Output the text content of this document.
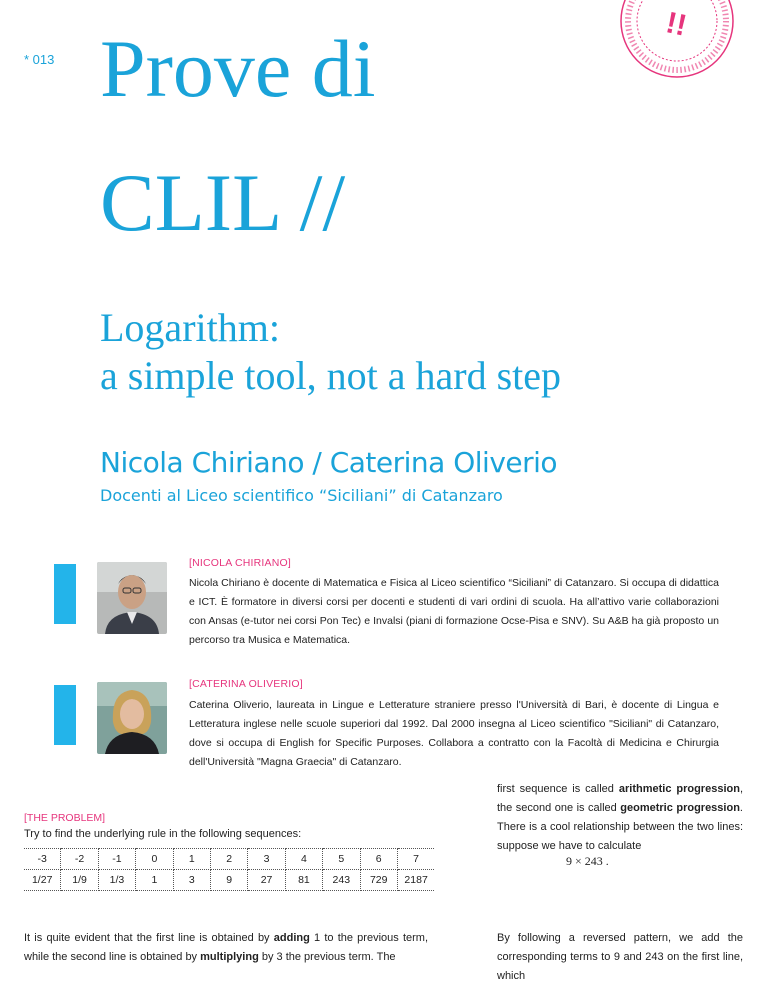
!!
* 013 Prove di
CLIL //
Logarithm:
a simple tool, not a hard step
Nicola Chiriano / Caterina Oliverio
Docenti al Liceo scientifico “Siciliani” di Catanzaro
[NICOLA CHIRIANO]
Nicola Chiriano è docente di Matematica e Fisica al Liceo scientifico “Siciliani” di Catanzaro. Si occupa di didattica e ICT. È formatore in diversi corsi per docenti e studenti di vari ordini di scuola. Ha all’attivo varie collaborazioni con Ansas (e-tutor nei corsi Pon Tec) e Invalsi (piani di formazione Ocse-Pisa e SNV). Su A&B ha già proposto un percorso tra Musica e Matematica.
[CATERINA OLIVERIO]
Caterina Oliverio, laureata in Lingue e Letterature straniere presso l'Università di Bari, è docente di Lingua e Letteratura inglese nelle scuole superiori dal 1992. Dal 2000 insegna al Liceo scientifico "Siciliani" di Catanzaro, dove si occupa di English for Specific Purposes. Collabora a contratto con la Facoltà di Medicina e Chirurgia dell'Università "Magna Graecia" di Catanzaro.
[THE PROBLEM]
Try to find the underlying rule in the following sequences:
-3	-2	-1	0	1	2	3	4	5	6	7
1/27	1/9	1/3	1	3	9	27	81	243	729	2187
It is quite evident that the first line is obtained by adding 1 to the previous term, while the second line is obtained by multiplying by 3 the previous term. The
first sequence is called arithmetic progression, the second one is called geometric progression. There is a cool relationship between the two lines: suppose we have to calculate
9 × 243 .
By following a reversed pattern, we add the corresponding terms to 9 and 243 on the first line, which
